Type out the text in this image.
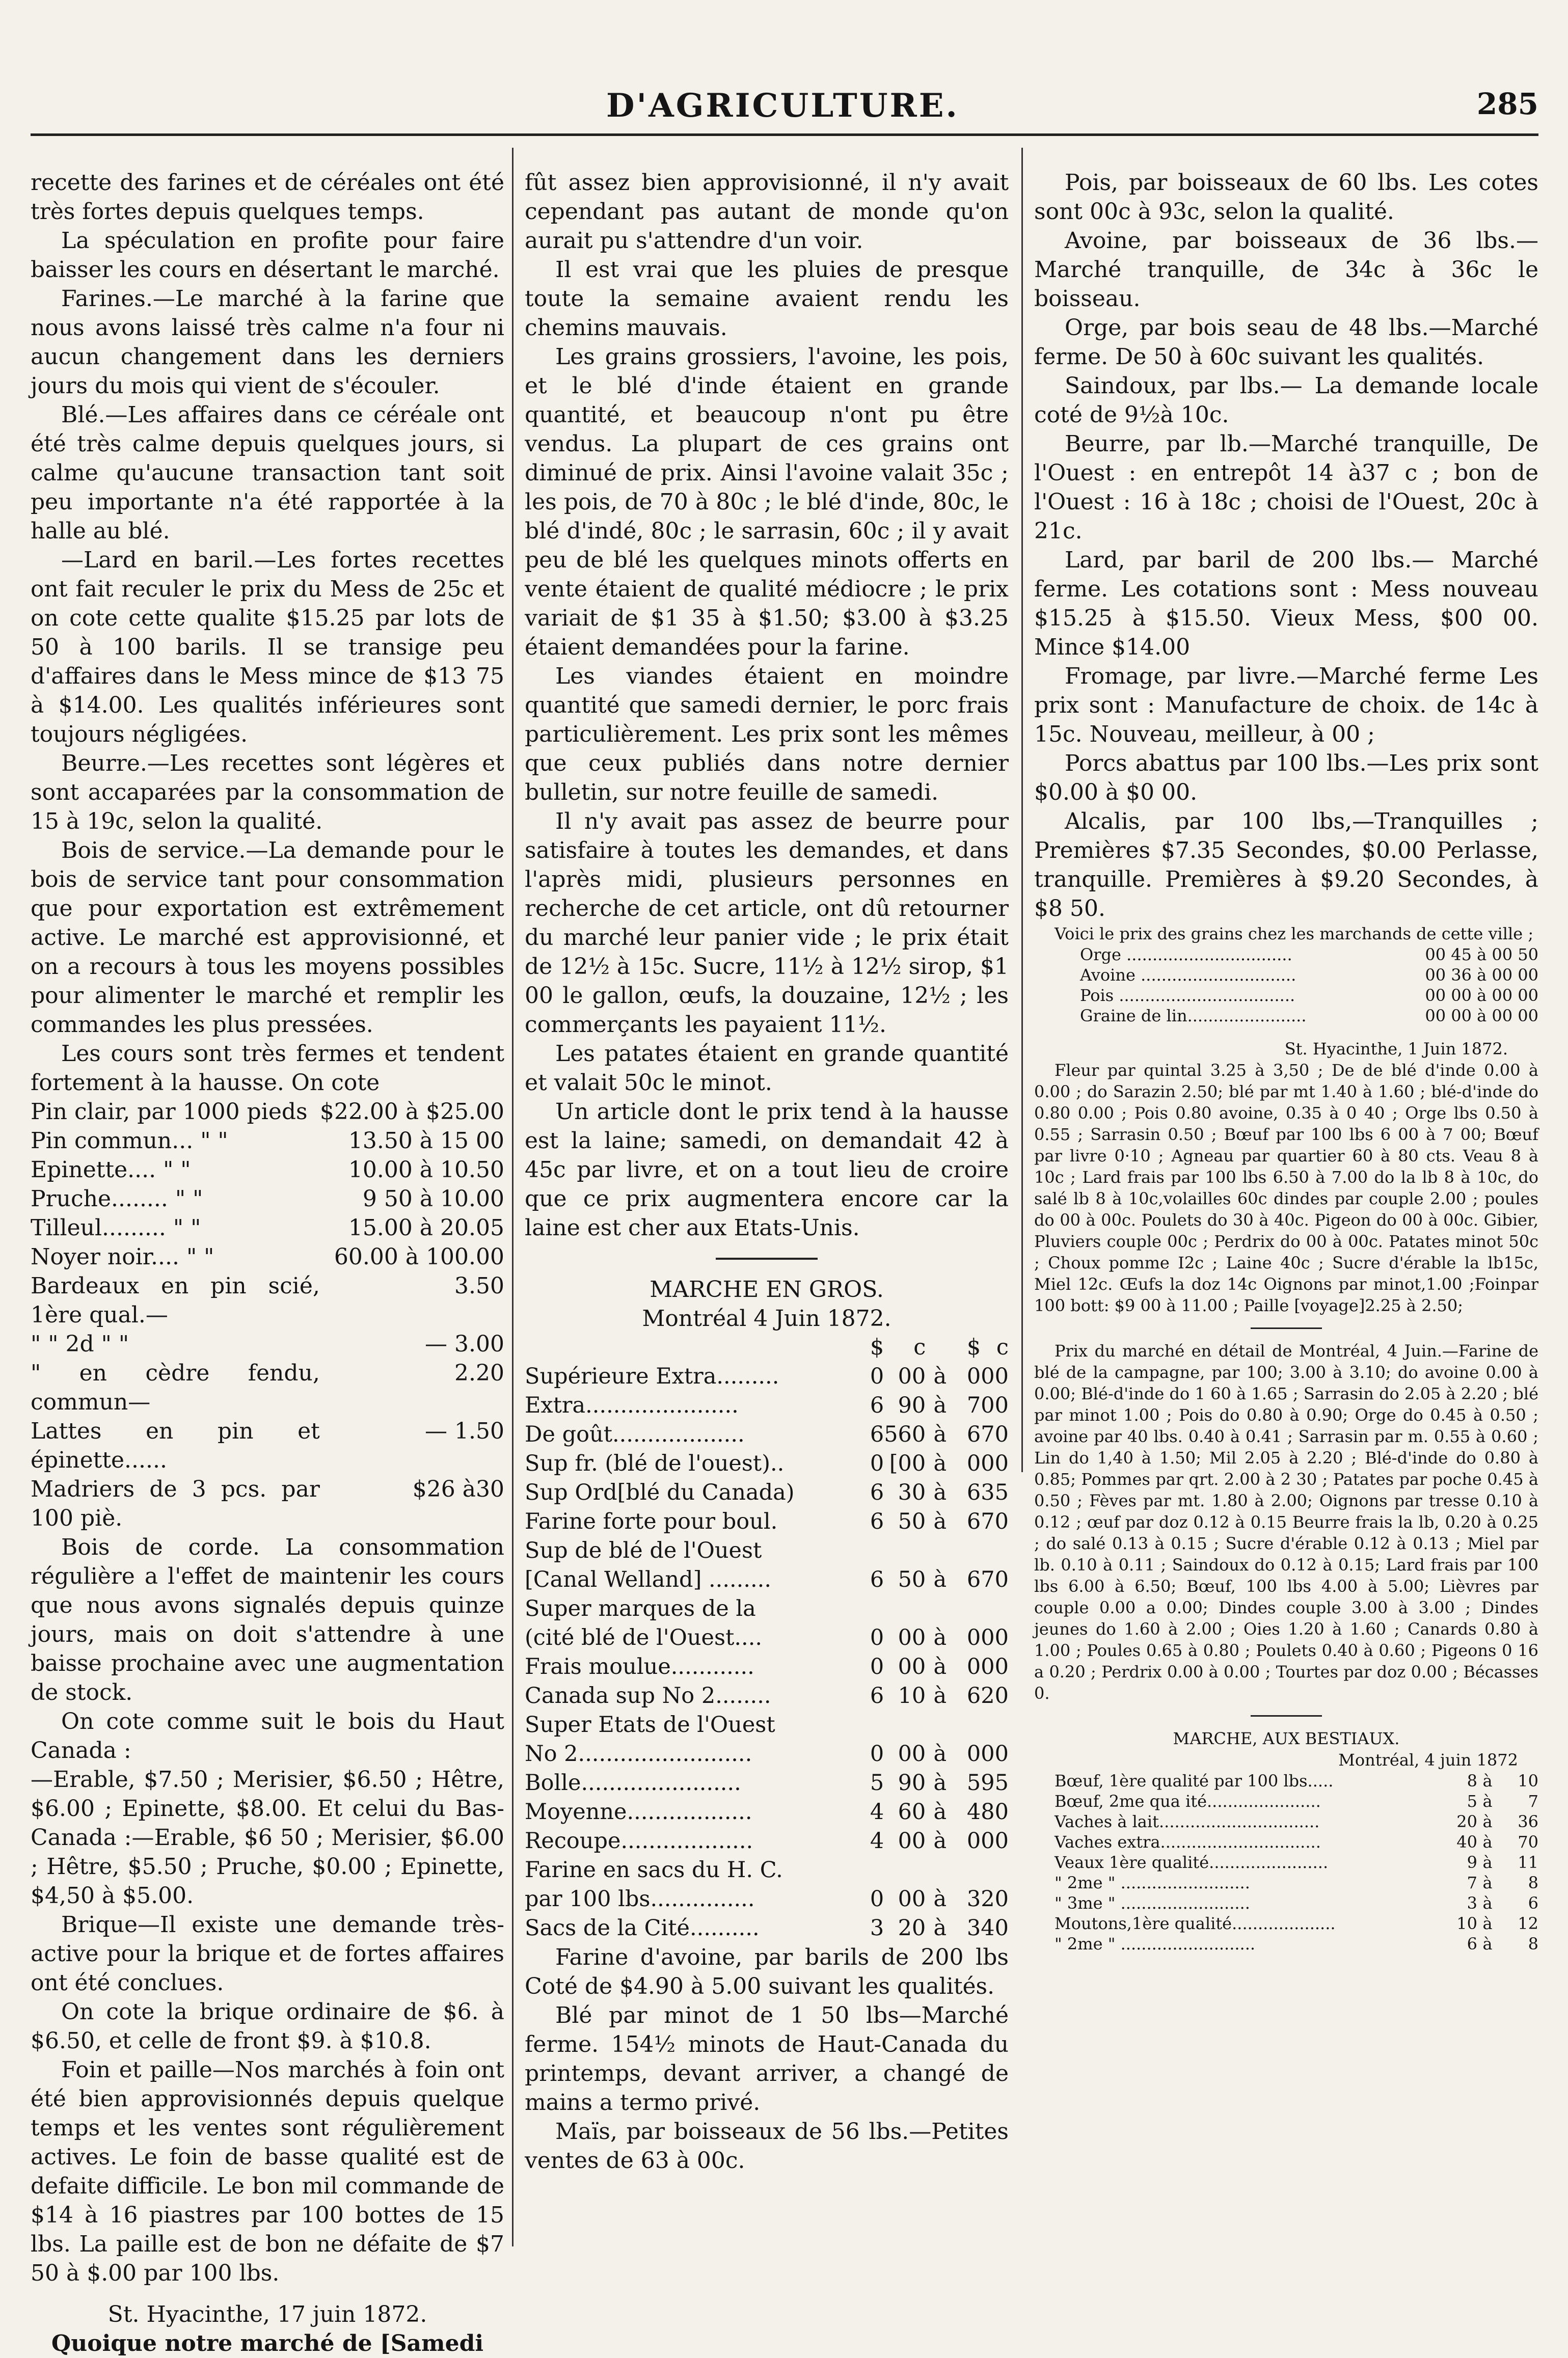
D'AGRICULTURE.	285

recette des farines et de céréales ont été très fortes depuis quelques temps.

La spéculation en profite pour faire baisser les cours en désertant le marché.

Farines.—Le marché à la farine que nous avons laissé très calme n'a four ni aucun changement dans les derniers jours du mois qui vient de s'écouler.

Blé.—Les affaires dans ce céréale ont été très calme depuis quelques jours, si calme qu'aucune transaction tant soit peu importante n'a été rapportée à la halle au blé.

—Lard en baril.—Les fortes recettes ont fait reculer le prix du Mess de 25c et on cote cette qualite $15.25 par lots de 50 à 100 barils. Il se transige peu d'affaires dans le Mess mince de $13 75 à $14.00. Les qualités inférieures sont toujours négligées.

Beurre.—Les recettes sont légères et sont accaparées par la consommation de 15 à 19c, selon la qualité.

Bois de service.—La demande pour le bois de service tant pour consommation que pour exportation est extrêmement active. Le marché est approvisionné, et on a recours à tous les moyens possibles pour alimenter le marché et remplir les commandes les plus pressées.

Les cours sont très fermes et tendent fortement à la hausse. On cote

Pin clair, par 1000 pieds	$22.00 à $25.00
Pin commun... " "	13.50 à 15 00
Epinette.... " "	10.00 à 10.50
Pruche........ " "	9 50 à 10.00
Tilleul......... " "	15.00 à 20.05
Noyer noir.... " "	60.00 à 100.00
Bardeaux en pin scié, 1ère qual.—	3.50
" " 2d " "	— 3.00
" en cèdre fendu, commun—	2.20
Lattes en pin et épinette......	— 1.50
Madriers de 3 pcs. par 100 piè.	$26 à30

Bois de corde. La consommation régulière a l'effet de maintenir les cours que nous avons signalés depuis quinze jours, mais on doit s'attendre à une baisse prochaine avec une augmentation de stock.

On cote comme suit le bois du Haut Canada :

—Erable, $7.50 ; Merisier, $6.50 ; Hêtre, $6.00 ; Epinette, $8.00. Et celui du Bas-Canada :—Erable, $6 50 ; Merisier, $6.00 ; Hêtre, $5.50 ; Pruche, $0.00 ; Epinette, $4,50 à $5.00.

Brique—Il existe une demande très-active pour la brique et de fortes affaires ont été conclues.

On cote la brique ordinaire de $6. à $6.50, et celle de front $9. à $10.8.

Foin et paille—Nos marchés à foin ont été bien approvisionnés depuis quelque temps et les ventes sont régulièrement actives. Le foin de basse qualité est de defaite difficile. Le bon mil commande de $14 à 16 piastres par 100 bottes de 15 lbs. La paille est de bon ne défaite de $7 50 à $.00 par 100 lbs.

St. Hyacinthe, 17 juin 1872.

Quoique notre marché de [Samedi

fût assez bien approvisionné, il n'y avait cependant pas autant de monde qu'on aurait pu s'attendre d'un voir.

Il est vrai que les pluies de presque toute la semaine avaient rendu les chemins mauvais.

Les grains grossiers, l'avoine, les pois, et le blé d'inde étaient en grande quantité, et beaucoup n'ont pu être vendus. La plupart de ces grains ont diminué de prix. Ainsi l'avoine valait 35c ; les pois, de 70 à 80c ; le blé d'inde, 80c, le blé d'indé, 80c ; le sarrasin, 60c ; il y avait peu de blé les quelques minots offerts en vente étaient de qualité médiocre ; le prix variait de $1 35 à $1.50; $3.00 à $3.25 étaient demandées pour la farine.

Les viandes étaient en moindre quantité que samedi dernier, le porc frais particulièrement. Les prix sont les mêmes que ceux publiés dans notre dernier bulletin, sur notre feuille de samedi.

Il n'y avait pas assez de beurre pour satisfaire à toutes les demandes, et dans l'après midi, plusieurs personnes en recherche de cet article, ont dû retourner du marché leur panier vide ; le prix était de 12½ à 15c. Sucre, 11½ à 12½ sirop, $1 00 le gallon, œufs, la douzaine, 12½ ; les commerçants les payaient 11½.

Les patates étaient en grande quantité et valait 50c le minot.

Un article dont le prix tend à la hausse est la laine; samedi, on demandait 42 à 45c par livre, et on a tout lieu de croire que ce prix augmentera encore car la laine est cher aux Etats-Unis.

MARCHE EN GROS.

Montréal 4 Juin 1872.

	$	c		$	c
Supérieure Extra.........	0	00	à	0	00
Extra......................	6	90	à	7	00
De goût...................	6	560	à	6	70
Sup fr. (blé de l'ouest)..	0	[00	à	0	00
Sup Ord[blé du Canada)	6	30	à	6	35
Farine forte pour boul.	6	50	à	6	70
Sup de blé de l'Ouest					
[Canal Welland] .........	6	50	à	6	70
Super marques de la					
(cité blé de l'Ouest....	0	00	à	0	00
Frais moulue............	0	00	à	0	00
Canada sup No 2........	6	10	à	6	20
Super Etats de l'Ouest					
No 2.........................	0	00	à	0	00
Bolle.......................	5	90	à	5	95
Moyenne..................	4	60	à	4	80
Recoupe...................	4	00	à	0	00
Farine en sacs du H. C.					
par 100 lbs...............	0	00	à	3	20
Sacs de la Cité..........	3	20	à	3	40

Farine d'avoine, par barils de 200 lbs Coté de $4.90 à 5.00 suivant les qualités.

Blé par minot de 1 50 lbs—Marché ferme. 154½ minots de Haut-Canada du printemps, devant arriver, a changé de mains a termo privé.

Maïs, par boisseaux de 56 lbs.—Petites ventes de 63 à 00c.

Pois, par boisseaux de 60 lbs. Les cotes sont 00c à 93c, selon la qualité.

Avoine, par boisseaux de 36 lbs.—Marché tranquille, de 34c à 36c le boisseau.

Orge, par bois seau de 48 lbs.—Marché ferme. De 50 à 60c suivant les qualités.

Saindoux, par lbs.— La demande locale coté de 9½à 10c.

Beurre, par lb.—Marché tranquille, De l'Ouest : en entrepôt 14 à37 c ; bon de l'Ouest : 16 à 18c ; choisi de l'Ouest, 20c à 21c.

Lard, par baril de 200 lbs.— Marché ferme. Les cotations sont : Mess nouveau $15.25 à $15.50. Vieux Mess, $00 00. Mince $14.00

Fromage, par livre.—Marché ferme Les prix sont : Manufacture de choix. de 14c à 15c. Nouveau, meilleur, à 00 ;

Porcs abattus par 100 lbs.—Les prix sont $0.00 à $0 00.

Alcalis, par 100 lbs,—Tranquilles ; Premières $7.35 Secondes, $0.00 Perlasse, tranquille. Premières à $9.20 Secondes, à $8 50.

Voici le prix des grains chez les marchands de cette ville ;

Orge ................................	00 45 à 00 50
Avoine ..............................	00 36 à 00 00
Pois ..................................	00 00 à 00 00
Graine de lin.......................	00 00 à 00 00

St. Hyacinthe, 1 Juin 1872.

Fleur par quintal 3.25 à 3,50 ; De de blé d'inde 0.00 à 0.00 ; do Sarazin 2.50; blé par mt 1.40 à 1.60 ; blé-d'inde do 0.80 0.00 ; Pois 0.80 avoine, 0.35 à 0 40 ; Orge lbs 0.50 à 0.55 ; Sarrasin 0.50 ; Bœuf par 100 lbs 6 00 à 7 00; Bœuf par livre 0·10 ; Agneau par quartier 60 à 80 cts. Veau 8 à 10c ; Lard frais par 100 lbs 6.50 à 7.00 do la lb 8 à 10c, do salé lb 8 à 10c,volailles 60c dindes par couple 2.00 ; poules do 00 à 00c. Poulets do 30 à 40c. Pigeon do 00 à 00c. Gibier, Pluviers couple 00c ; Perdrix do 00 à 00c. Patates minot 50c ; Choux pomme I2c ; Laine 40c ; Sucre d'érable la lb15c, Miel 12c. Œufs la doz 14c Oignons par minot,1.00 ;Foinpar 100 bott: $9 00 à 11.00 ; Paille [voyage]2.25 à 2.50;

Prix du marché en détail de Montréal, 4 Juin.—Farine de blé de la campagne, par 100; 3.00 à 3.10; do avoine 0.00 à 0.00; Blé-d'inde do 1 60 à 1.65 ; Sarrasin do 2.05 à 2.20 ; blé par minot 1.00 ; Pois do 0.80 à 0.90; Orge do 0.45 à 0.50 ; avoine par 40 lbs. 0.40 à 0.41 ; Sarrasin par m. 0.55 à 0.60 ; Lin do 1,40 à 1.50; Mil 2.05 à 2.20 ; Blé-d'inde do 0.80 à 0.85; Pommes par qrt. 2.00 à 2 30 ; Patates par poche 0.45 à 0.50 ; Fèves par mt. 1.80 à 2.00; Oignons par tresse 0.10 à 0.12 ; œuf par doz 0.12 à 0.15 Beurre frais la lb, 0.20 à 0.25 ; do salé 0.13 à 0.15 ; Sucre d'érable 0.12 à 0.13 ; Miel par lb. 0.10 à 0.11 ; Saindoux do 0.12 à 0.15; Lard frais par 100 lbs 6.00 à 6.50; Bœuf, 100 lbs 4.00 à 5.00; Lièvres par couple 0.00 a 0.00; Dindes couple 3.00 à 3.00 ; Dindes jeunes do 1.60 à 2.00 ; Oies 1.20 à 1.60 ; Canards 0.80 à 1.00 ; Poules 0.65 à 0.80 ; Poulets 0.40 à 0.60 ; Pigeons 0 16 a 0.20 ; Perdrix 0.00 à 0.00 ; Tourtes par doz 0.00 ; Bécasses 0.

MARCHE, AUX BESTIAUX.

Montréal, 4 juin 1872

Bœuf, 1ère qualité par 100 lbs.....	8	à	10
Bœuf, 2me qua ité......................	5	à	7
Vaches à lait...............................	20	à	36
Vaches extra...............................	40	à	70
Veaux 1ère qualité.......................	9	à	11
" 2me " .........................	7	à	8
" 3me " .........................	3	à	6
Moutons,1ère qualité....................	10	à	12
" 2me " ..........................	6	à	8
